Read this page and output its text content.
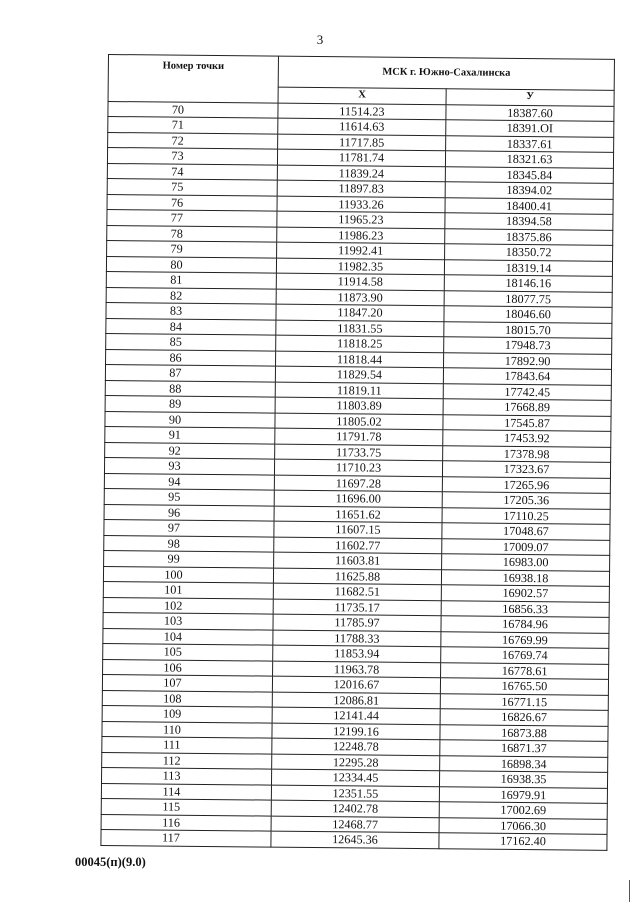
3
Номер точки	МСК г. Южно-Сахалинска	
	X	У
70	11514.23	18387.60
71	11614.63	18391.OI
72	11717.85	18337.61
73	11781.74	18321.63
74	11839.24	18345.84
75	11897.83	18394.02
76	11933.26	18400.41
77	11965.23	18394.58
78	11986.23	18375.86
79	11992.41	18350.72
80	11982.35	18319.14
81	11914.58	18146.16
82	11873.90	18077.75
83	11847.20	18046.60
84	11831.55	18015.70
85	11818.25	17948.73
86	11818.44	17892.90
87	11829.54	17843.64
88	11819.11	17742.45
89	11803.89	17668.89
90	11805.02	17545.87
91	11791.78	17453.92
92	11733.75	17378.98
93	11710.23	17323.67
94	11697.28	17265.96
95	11696.00	17205.36
96	11651.62	17110.25
97	11607.15	17048.67
98	11602.77	17009.07
99	11603.81	16983.00
100	11625.88	16938.18
101	11682.51	16902.57
102	11735.17	16856.33
103	11785.97	16784.96
104	11788.33	16769.99
105	11853.94	16769.74
106	11963.78	16778.61
107	12016.67	16765.50
108	12086.81	16771.15
109	12141.44	16826.67
110	12199.16	16873.88
111	12248.78	16871.37
112	12295.28	16898.34
113	12334.45	16938.35
114	12351.55	16979.91
115	12402.78	17002.69
116	12468.77	17066.30
117	12645.36	17162.40
00045(п)(9.0)
